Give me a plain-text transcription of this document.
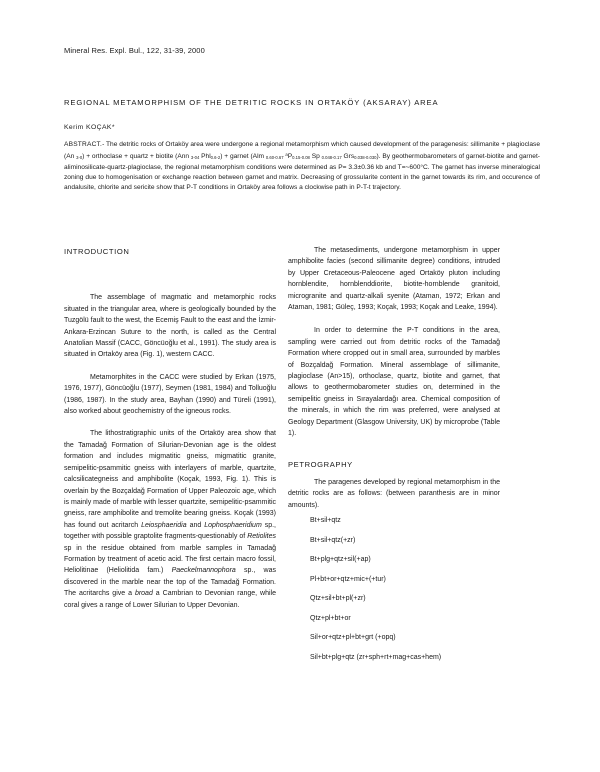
Mineral Res. Expl. Bul., 122, 31-39, 2000
REGIONAL METAMORPHISM OF THE DETRITIC ROCKS IN ORTAKÖY (AKSARAY) AREA
Kerim KOÇAK*
ABSTRACT.- The detritic rocks of Ortaköy area were undergone a regional metamorphism which caused development of the paragenesis: sillimanite + plagioclase (An $_{3-0}$) + orthoclase + quartz + biotite (Ann $_{3-04}$ Phl$_{0.6-2}$) + garnet (Alm $_{0.60-0.67}$ $^aP_{0.15-0.08}$ Sp $_{0.048-0.17}$ Grs$_{0.038-0.030}$). By geothermobarometers of garnet-biotite and garnet-aliminosilicate-quartz-plagioclase, the regional metamorphism conditions were determined as P= 3.3±0.36 kb and T=~600°C. The garnet has inverse mineralogical zoning due to homogenisation or exchange reaction between garnet and matrix. Decreasing of grossularite content in the garnet towards its rim, and occurence of andalusite, chlorite and sericite show that P-T conditions in Ortaköy area follows a clockwise path in P-T-t trajectory.
INTRODUCTION

The assemblage of magmatic and metamorphic rocks situated in the triangular area, where is geologically bounded by the Tuzgölü fault to the west, the Ecemiş Fault to the east and the İzmir-Ankara-Erzincan Suture to the north, is called as the Central Anatolian Massif (CACC, Göncüoğlu et al., 1991). The study area is situated in Ortaköy area (Fig. 1), western CACC.

Metamorphites in the CACC were studied by Erkan (1975, 1976, 1977), Göncüoğlu (1977), Seymen (1981, 1984) and Tolluoğlu (1986, 1987). In the study area, Bayhan (1990) and Türeli (1991), also worked about geochemistry of the igneous rocks.

The lithostratigraphic units of the Ortaköy area show that the Tamadağ Formation of Silurian-Devonian age is the oldest formation and includes migmatitic gneiss, migmatitic granite, semipelitic-psammitic gneiss with interlayers of marble, quartzite, calcsilicategneiss and amphibolite (Koçak, 1993, Fig. 1). This is overlain by the Bozçaldağ Formation of Upper Paleozoic age, which is mainly made of marble with lesser quartzite, semipelitic-psammitic gneiss, rare amphibolite and tremolite bearing gneiss. Koçak (1993) has found out acritarch Leiosphaeridia and Lophosphaeridium sp., together with possible graptolite fragments-questionably of Retiolites sp in the residue obtained from marble samples in Tamadağ Formation by treatment of acetic acid. The first certain macro fossil, Heliolitinae (Heliolitida fam.) Paeckelmannophora sp., was discovered in the marble near the top of the Tamadağ Formation. The acritarchs give a broad a Cambrian to Devonian range, while coral gives a range of Lower Silurian to Upper Devonian.

The metasediments, undergone metamorphism in upper amphibolite facies (second sillimanite degree) conditions, intruded by Upper Cretaceous-Paleocene aged Ortaköy pluton including hornblendite, hornblenddiorite, biotite-hornblende granitoid, microgranite and quartz-alkali syenite (Ataman, 1972; Erkan and Ataman, 1981; Güleç, 1993; Koçak, 1993; Koçak and Leake, 1994).

In order to determine the P-T conditions in the area, sampling were carried out from detritic rocks of the Tamadağ Formation where cropped out in small area, surrounded by marbles of Bozçaldağ Formation. Mineral assemblage of sillimanite, plagioclase (An>15), orthoclase, quartz, biotite and garnet, that allows to geothermobarometer studies on, determined in the semipelitic gneiss in Sırayalardağı area. Chemical composition of the minerals, in which the rim was preferred, were analysed at Geology Department (Glasgow University, UK) by microprobe (Table 1).

PETROGRAPHY

The paragenes developed by regional metamorphism in the detritic rocks are as follows: (between paranthesis are in minor amounts).

Bt+sil+qtz
Bt+sil+qtz(+zr)
Bt+plg+qtz+sil(+ap)
Pl+bt+or+qtz+mic+(+tur)
Qtz+sil+bt+pl(+zr)
Qtz+pl+bt+or
Sil+or+qtz+pl+bt+grt (+opq)
Sil+bt+plg+qtz (zr+sph+rt+mag+cas+hem)
